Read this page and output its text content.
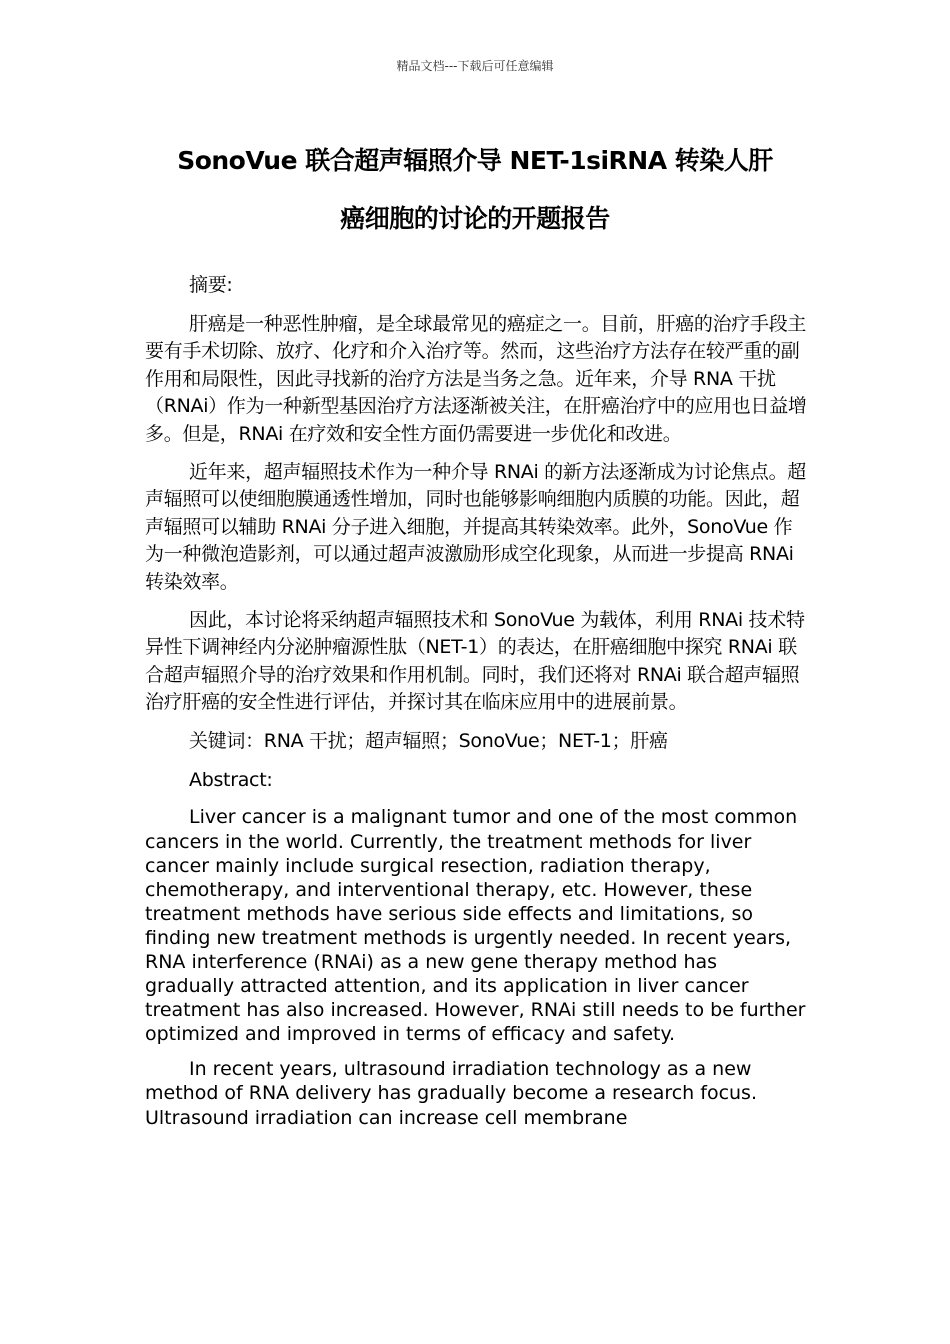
精品文档---下载后可任意编辑
SonoVue 联合超声辐照介导 NET-1siRNA 转染人肝
癌细胞的讨论的开题报告

摘要:

肝癌是一种恶性肿瘤，是全球最常见的癌症之一。目前，肝癌的治疗手段主要有手术切除、放疗、化疗和介入治疗等。然而，这些治疗方法存在较严重的副作用和局限性，因此寻找新的治疗方法是当务之急。近年来，介导 RNA 干扰（RNAi）作为一种新型基因治疗方法逐渐被关注，在肝癌治疗中的应用也日益增多。但是，RNAi 在疗效和安全性方面仍需要进一步优化和改进。

近年来，超声辐照技术作为一种介导 RNAi 的新方法逐渐成为讨论焦点。超声辐照可以使细胞膜通透性增加，同时也能够影响细胞内质膜的功能。因此，超声辐照可以辅助 RNAi 分子进入细胞，并提高其转染效率。此外，SonoVue 作为一种微泡造影剂，可以通过超声波激励形成空化现象，从而进一步提高 RNAi 转染效率。

因此，本讨论将采纳超声辐照技术和 SonoVue 为载体，利用 RNAi 技术特异性下调神经内分泌肿瘤源性肽（NET-1）的表达，在肝癌细胞中探究 RNAi 联合超声辐照介导的治疗效果和作用机制。同时，我们还将对 RNAi 联合超声辐照治疗肝癌的安全性进行评估，并探讨其在临床应用中的进展前景。

关键词：RNA 干扰；超声辐照；SonoVue；NET-1；肝癌

Abstract:

Liver cancer is a malignant tumor and one of the most common cancers in the world. Currently, the treatment methods for liver cancer mainly include surgical resection, radiation therapy, chemotherapy, and interventional therapy, etc. However, these treatment methods have serious side effects and limitations, so finding new treatment methods is urgently needed. In recent years, RNA interference (RNAi) as a new gene therapy method has gradually attracted attention, and its application in liver cancer treatment has also increased. However, RNAi still needs to be further optimized and improved in terms of efficacy and safety.

In recent years, ultrasound irradiation technology as a new method of RNA delivery has gradually become a research focus. Ultrasound irradiation can increase cell membrane
